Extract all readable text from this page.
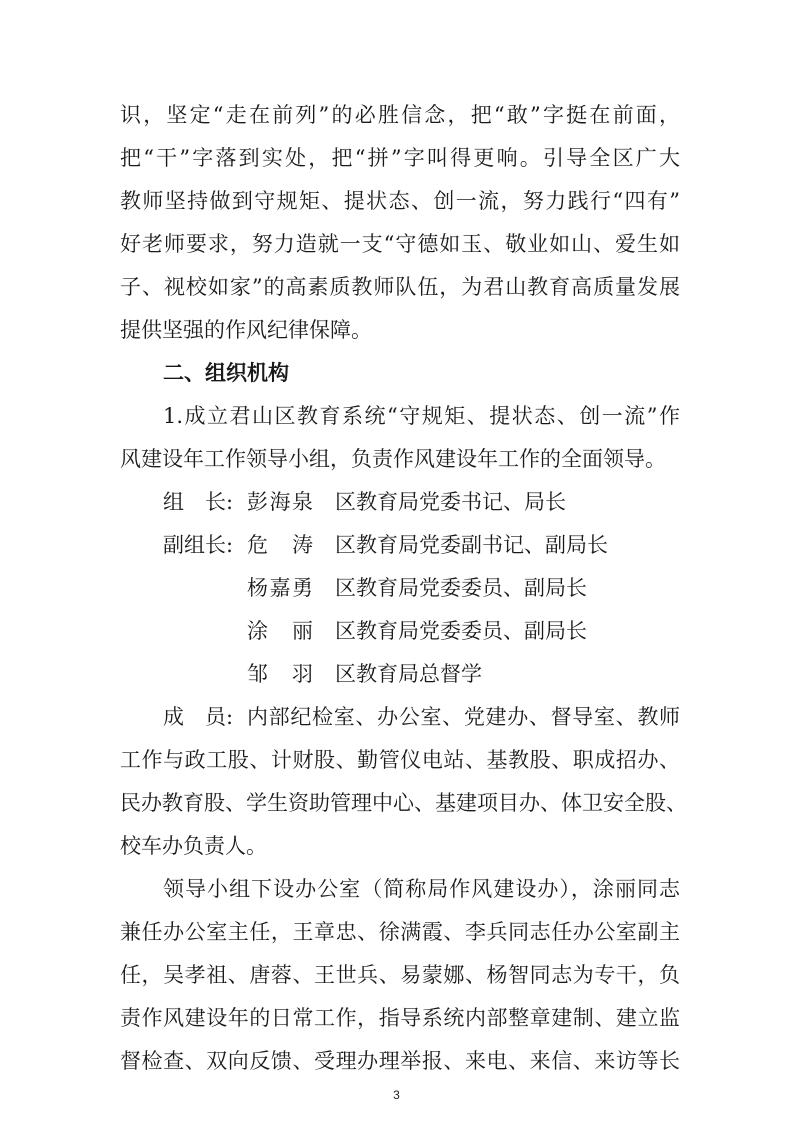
识，坚定“走在前列”的必胜信念，把“敢”字挺在前面，
把“干”字落到实处，把“拼”字叫得更响。引导全区广大
教师坚持做到守规矩、提状态、创一流，努力践行“四有”
好老师要求，努力造就一支“守德如玉、敬业如山、爱生如
子、视校如家”的高素质教师队伍，为君山教育高质量发展
提供坚强的作风纪律保障。
二、组织机构
1.成立君山区教育系统“守规矩、提状态、创一流”作
风建设年工作领导小组，负责作风建设年工作的全面领导。
组　长: 彭海泉 区教育局党委书记、局长
副组长: 危　涛 区教育局党委副书记、副局长
杨嘉勇 区教育局党委委员、副局长
涂　丽 区教育局党委委员、副局长
邹　羽 区教育局总督学
成　员: 内部纪检室、办公室、党建办、督导室、教师
工作与政工股、计财股、勤管仪电站、基教股、职成招办、
民办教育股、学生资助管理中心、基建项目办、体卫安全股、
校车办负责人。
领导小组下设办公室（简称局作风建设办），涂丽同志
兼任办公室主任，王章忠、徐满霞、李兵同志任办公室副主
任，吴孝祖、唐蓉、王世兵、易蒙娜、杨智同志为专干，负
责作风建设年的日常工作，指导系统内部整章建制、建立监
督检查、双向反馈、受理办理举报、来电、来信、来访等长
3
